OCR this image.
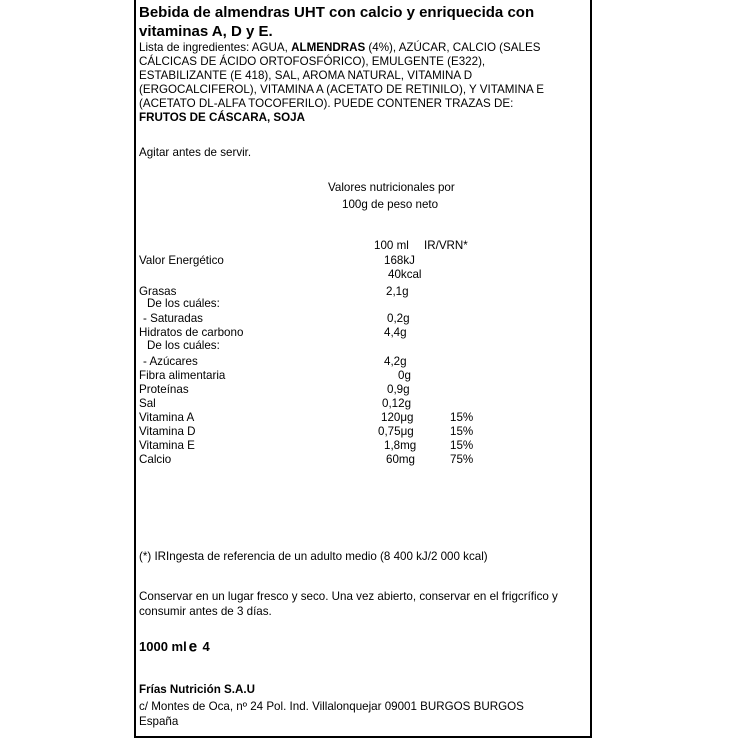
Bebida de almendras UHT con calcio y enriquecida con
vitaminas A, D y E.
Lista de ingredientes: AGUA, ALMENDRAS (4%), AZÚCAR, CALCIO (SALES
CÁLCICAS DE ÁCIDO ORTOFOSFÓRICO), EMULGENTE (E322),
ESTABILIZANTE (E 418), SAL, AROMA NATURAL, VITAMINA D
(ERGOCALCIFEROL), VITAMINA A (ACETATO DE RETINILO), Y VITAMINA E
(ACETATO DL-ALFA TOCOFERILO). PUEDE CONTENER TRAZAS DE:
FRUTOS DE CÁSCARA, SOJA
Agitar antes de servir.
Valores nutricionales por
100g de peso neto
100 ml IR/VRN*
Valor Energético	168kJ
40kcal
Grasas	2,1g
De los cuáles:
- Saturadas	0,2g
Hidratos de carbono	4,4g
De los cuáles:
- Azúcares	4,2g
Fibra alimentaria	0g
Proteínas	0,9g
Sal	0,12g
Vitamina A	120μg	15%
Vitamina D	0,75μg	15%
Vitamina E	1,8mg	15%
Calcio	60mg	75%
(*) IRIngesta de referencia de un adulto medio (8 400 kJ/2 000 kcal)
Conservar en un lugar fresco y seco. Una vez abierto, conservar en el frigcrífico y
consumir antes de 3 días.
1000 ml e 4
Frías Nutrición S.A.U
c/ Montes de Oca, nº 24 Pol. Ind. Villalonquejar 09001 BURGOS BURGOS
España
